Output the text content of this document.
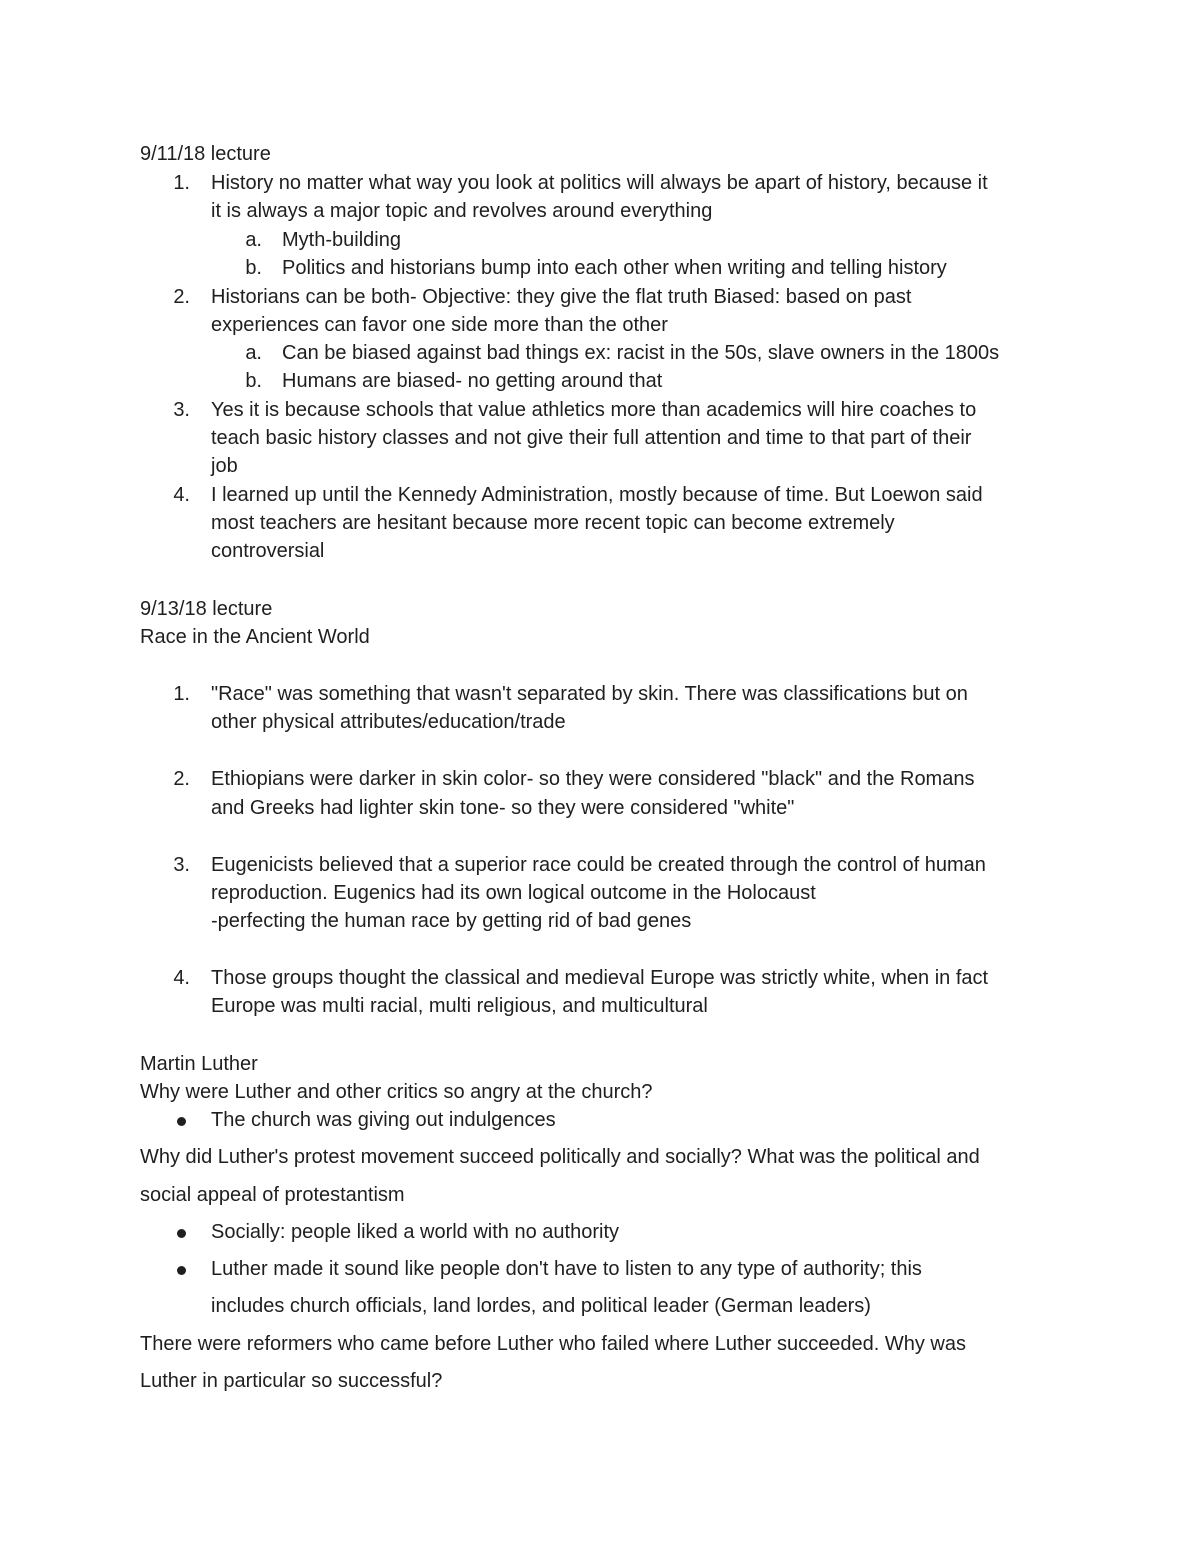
9/11/18 lecture
1. History no matter what way you look at politics will always be apart of history, because it
it is always a major topic and revolves around everything
a. Myth-building
b. Politics and historians bump into each other when writing and telling history
2. Historians can be both- Objective: they give the flat truth Biased: based on past
experiences can favor one side more than the other
a. Can be biased against bad things ex: racist in the 50s, slave owners in the 1800s
b. Humans are biased- no getting around that
3. Yes it is because schools that value athletics more than academics will hire coaches to
teach basic history classes and not give their full attention and time to that part of their
job
4. I learned up until the Kennedy Administration, mostly because of time. But Loewon said
most teachers are hesitant because more recent topic can become extremely
controversial
9/13/18 lecture
Race in the Ancient World
1. "Race" was something that wasn't separated by skin. There was classifications but on
other physical attributes/education/trade
2. Ethiopians were darker in skin color- so they were considered "black" and the Romans
and Greeks had lighter skin tone- so they were considered "white"
3. Eugenicists believed that a superior race could be created through the control of human
reproduction. Eugenics had its own logical outcome in the Holocaust
-perfecting the human race by getting rid of bad genes
4. Those groups thought the classical and medieval Europe was strictly white, when in fact
Europe was multi racial, multi religious, and multicultural
Martin Luther
Why were Luther and other critics so angry at the church?
The church was giving out indulgences
Why did Luther's protest movement succeed politically and socially? What was the political and
social appeal of protestantism
Socially: people liked a world with no authority
Luther made it sound like people don't have to listen to any type of authority; this
includes church officials, land lordes, and political leader (German leaders)
There were reformers who came before Luther who failed where Luther succeeded. Why was
Luther in particular so successful?
